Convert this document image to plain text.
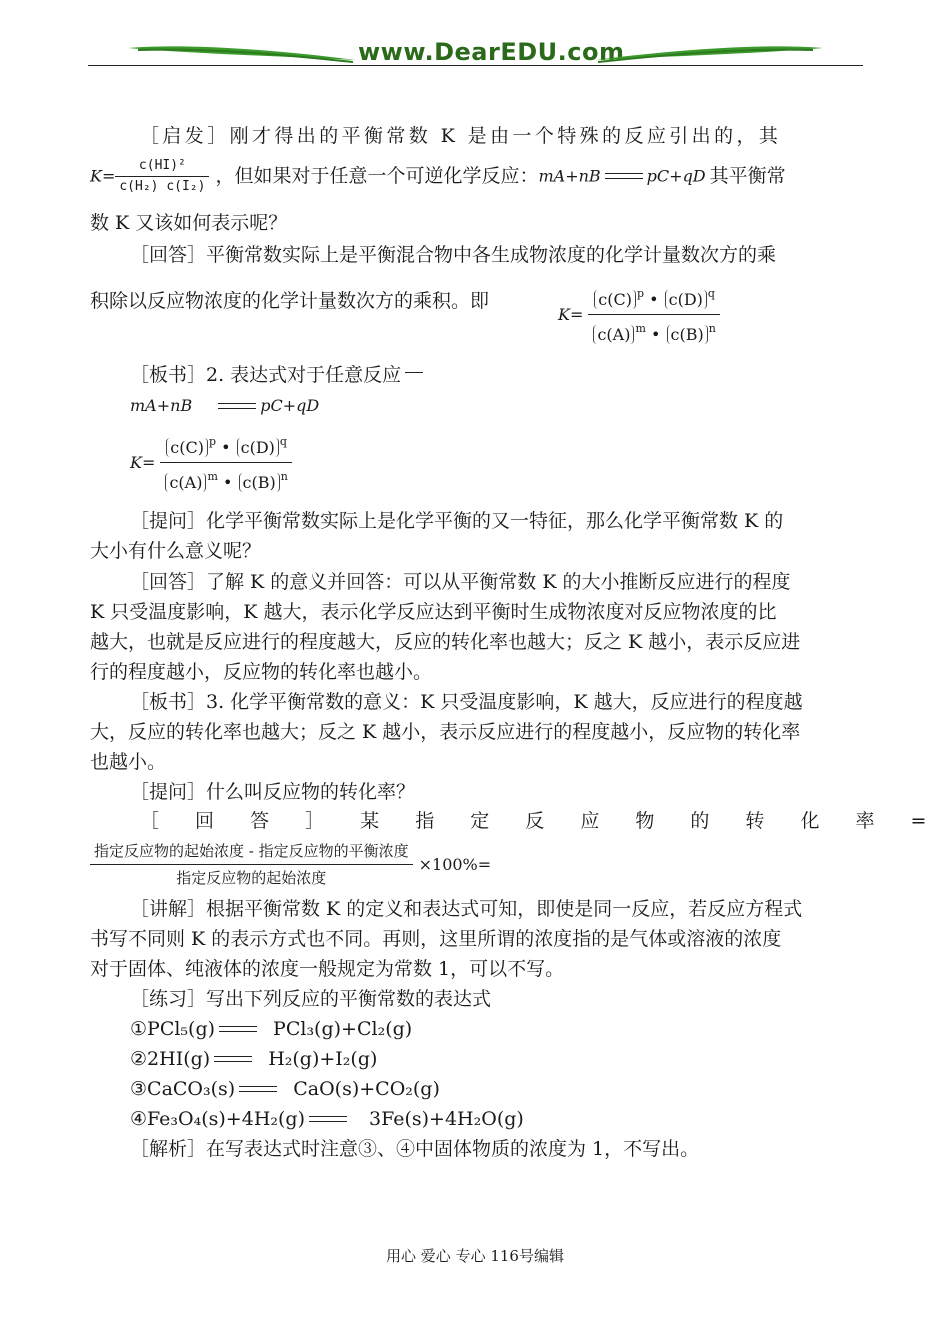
www.DearEDU.com
［启发］刚才得出的平衡常数 K 是由一个特殊的反应引出的，其
$K= \frac{\text{c(HI)²}}{\text{c(H₂) c(I₂)}}$ ，但如果对于任意一个可逆化学反应：mA+nB	pC+qD 其平衡常
数 K 又该如何表示呢？
［回答］平衡常数实际上是平衡混合物中各生成物浓度的化学计量数次方的乘
积除以反应物浓度的化学计量数次方的乘积。即
$K= \frac{c(C) ^p • c(D) ^q}{c(A) ^m • c(B) ^n}$
［板书］2. 表达式对于任意反应
mA+nB	pC+qD
$K= \frac{c(C) ^p • c(D) ^q}{c(A) ^m • c(B) ^n}$
［提问］化学平衡常数实际上是化学平衡的又一特征，那么化学平衡常数 K 的
大小有什么意义呢？
［回答］了解 K 的意义并回答：可以从平衡常数 K 的大小推断反应进行的程度
K 只受温度影响，K 越大，表示化学反应达到平衡时生成物浓度对反应物浓度的比
越大，也就是反应进行的程度越大，反应的转化率也越大；反之 K 越小，表示反应进
行的程度越小，反应物的转化率也越小。
［板书］3. 化学平衡常数的意义：K 只受温度影响，K 越大，反应进行的程度越
大，反应的转化率也越大；反之 K 越小，表示反应进行的程度越小，反应物的转化率
也越小。
［提问］什么叫反应物的转化率？
［ 回 答 ］ 某 指 定 反 应 物 的 转 化 率 =
$\frac{\text{指定反应物的起始浓度 - 指定反应物的平衡浓度}}{\text{指定反应物的起始浓度}} \times 100\%=$
［讲解］根据平衡常数 K 的定义和表达式可知，即使是同一反应，若反应方程式
书写不同则 K 的表示方式也不同。再则，这里所谓的浓度指的是气体或溶液的浓度
对于固体、纯液体的浓度一般规定为常数 1，可以不写。
［练习］写出下列反应的平衡常数的表达式
①PCl₅(g)	PCl₃(g)+Cl₂(g)
②2HI(g)	H₂(g)+I₂(g)
③CaCO₃(s)	CaO(s)+CO₂(g)
④Fe₃O₄(s)+4H₂(g)	3Fe(s)+4H₂O(g)
［解析］在写表达式时注意③、④中固体物质的浓度为 1，不写出。
用心 爱心 专心 116号编辑
